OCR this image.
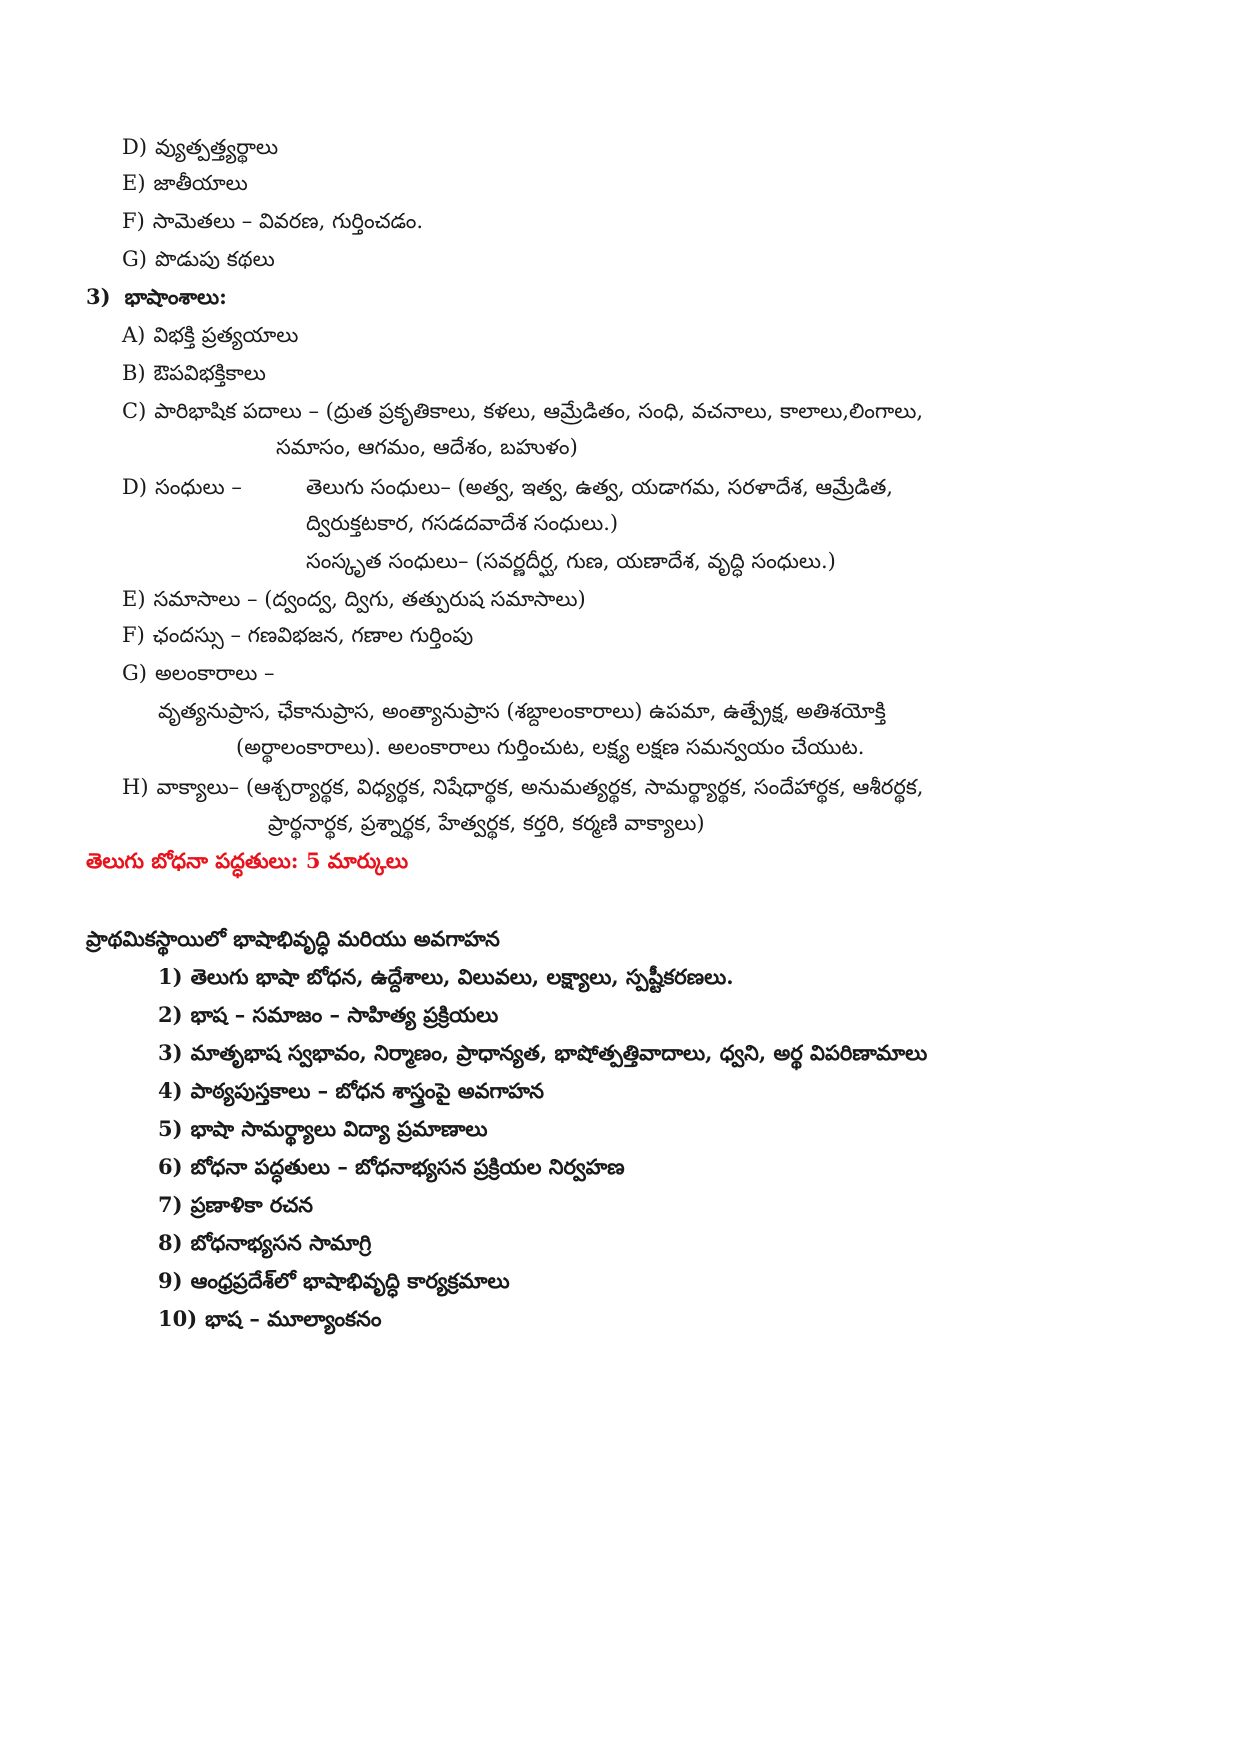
D) వ్యుత్పత్త్యర్థాలు
E) జాతీయాలు
F) సామెతలు – వివరణ, గుర్తించడం.
G) పొడుపు కథలు
3) భాషాంశాలు:
A) విభక్తి ప్రత్యయాలు
B) ఔపవిభక్తికాలు
C) పారిభాషిక పదాలు – (ద్రుత ప్రకృతికాలు, కళలు, ఆమ్రేడితం, సంధి, వచనాలు, కాలాలు,లింగాలు,
సమాసం, ఆగమం, ఆదేశం, బహుళం)
D) సంధులు –	తెలుగు సంధులు– (అత్వ, ఇత్వ, ఉత్వ, యడాగమ, సరళాదేశ, ఆమ్రేడిత,
ద్విరుక్తటకార, గసడదవాదేశ సంధులు.)
సంస్కృత సంధులు– (సవర్ణదీర్ఘ, గుణ, యణాదేశ, వృద్ధి సంధులు.)
E) సమాసాలు – (ద్వంద్వ, ద్విగు, తత్పురుష సమాసాలు)
F) ఛందస్సు – గణవిభజన, గణాల గుర్తింపు
G) అలంకారాలు –
వృత్యనుప్రాస, ఛేకానుప్రాస, అంత్యానుప్రాస (శబ్దాలంకారాలు) ఉపమా, ఉత్ప్రేక్ష, అతిశయోక్తి
(అర్థాలంకారాలు). అలంకారాలు గుర్తించుట, లక్ష్య లక్షణ సమన్వయం చేయుట.
H) వాక్యాలు– (ఆశ్చర్యార్థక, విధ్యర్థక, నిషేధార్థక, అనుమత్యర్థక, సామర్థ్యార్థక, సందేహార్థక, ఆశీరర్థక,
ప్రార్థనార్థక, ప్రశ్నార్థక, హేత్వర్థక, కర్తరి, కర్మణి వాక్యాలు)
తెలుగు బోధనా పద్ధతులు: 5 మార్కులు
ప్రాథమికస్థాయిలో భాషాభివృద్ధి మరియు అవగాహన
1) తెలుగు భాషా బోధన, ఉద్దేశాలు, విలువలు, లక్ష్యాలు, స్పష్టీకరణలు.
2) భాష – సమాజం – సాహిత్య ప్రక్రియలు
3) మాతృభాష స్వభావం, నిర్మాణం, ప్రాధాన్యత, భాషోత్పత్తివాదాలు, ధ్వని, అర్థ విపరిణామాలు
4) పాఠ్యపుస్తకాలు – బోధన శాస్త్రంపై అవగాహన
5) భాషా సామర్థ్యాలు విద్యా ప్రమాణాలు
6) బోధనా పద్ధతులు – బోధనాభ్యసన ప్రక్రియల నిర్వహణ
7) ప్రణాళికా రచన
8) బోధనాభ్యసన సామాగ్రి
9) ఆంధ్రప్రదేశ్‌లో భాషాభివృద్ధి కార్యక్రమాలు
10) భాష – మూల్యాంకనం
